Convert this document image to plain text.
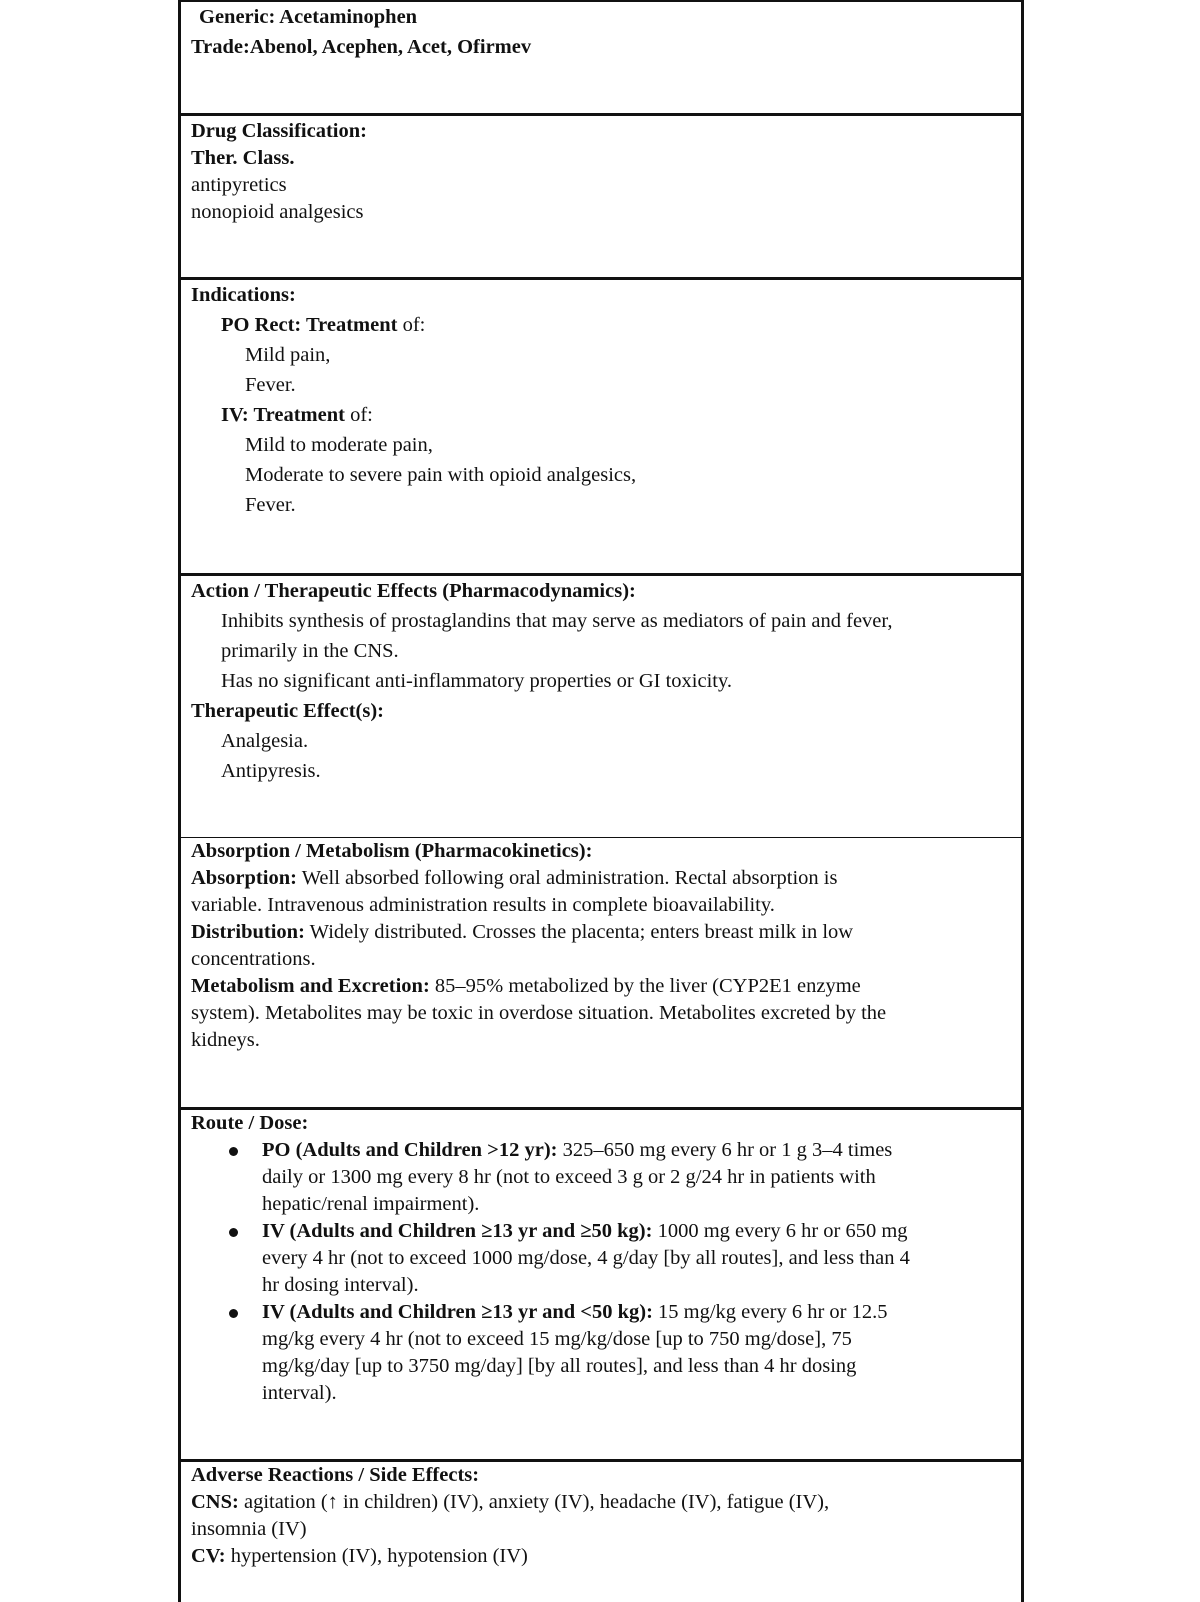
Generic: Acetaminophen
Trade:Abenol, Acephen, Acet, Ofirmev
Drug Classification:
Ther. Class.
antipyretics
nonopioid analgesics
Indications:
PO Rect: Treatment of:
Mild pain,
Fever.
IV: Treatment of:
Mild to moderate pain,
Moderate to severe pain with opioid analgesics,
Fever.
Action / Therapeutic Effects (Pharmacodynamics):
Inhibits synthesis of prostaglandins that may serve as mediators of pain and fever,
primarily in the CNS.
Has no significant anti-inflammatory properties or GI toxicity.
Therapeutic Effect(s):
Analgesia.
Antipyresis.
Absorption / Metabolism (Pharmacokinetics):
Absorption: Well absorbed following oral administration. Rectal absorption is
variable. Intravenous administration results in complete bioavailability.
Distribution: Widely distributed. Crosses the placenta; enters breast milk in low
concentrations.
Metabolism and Excretion: 85–95% metabolized by the liver (CYP2E1 enzyme
system). Metabolites may be toxic in overdose situation. Metabolites excreted by the
kidneys.
Route / Dose:
PO (Adults and Children >12 yr): 325–650 mg every 6 hr or 1 g 3–4 times
daily or 1300 mg every 8 hr (not to exceed 3 g or 2 g/24 hr in patients with
hepatic/renal impairment).
IV (Adults and Children ≥13 yr and ≥50 kg): 1000 mg every 6 hr or 650 mg
every 4 hr (not to exceed 1000 mg/dose, 4 g/day [by all routes], and less than 4
hr dosing interval).
IV (Adults and Children ≥13 yr and <50 kg): 15 mg/kg every 6 hr or 12.5
mg/kg every 4 hr (not to exceed 15 mg/kg/dose [up to 750 mg/dose], 75
mg/kg/day [up to 3750 mg/day] [by all routes], and less than 4 hr dosing
interval).
Adverse Reactions / Side Effects:
CNS: agitation (↑ in children) (IV), anxiety (IV), headache (IV), fatigue (IV),
insomnia (IV)
CV: hypertension (IV), hypotension (IV)
